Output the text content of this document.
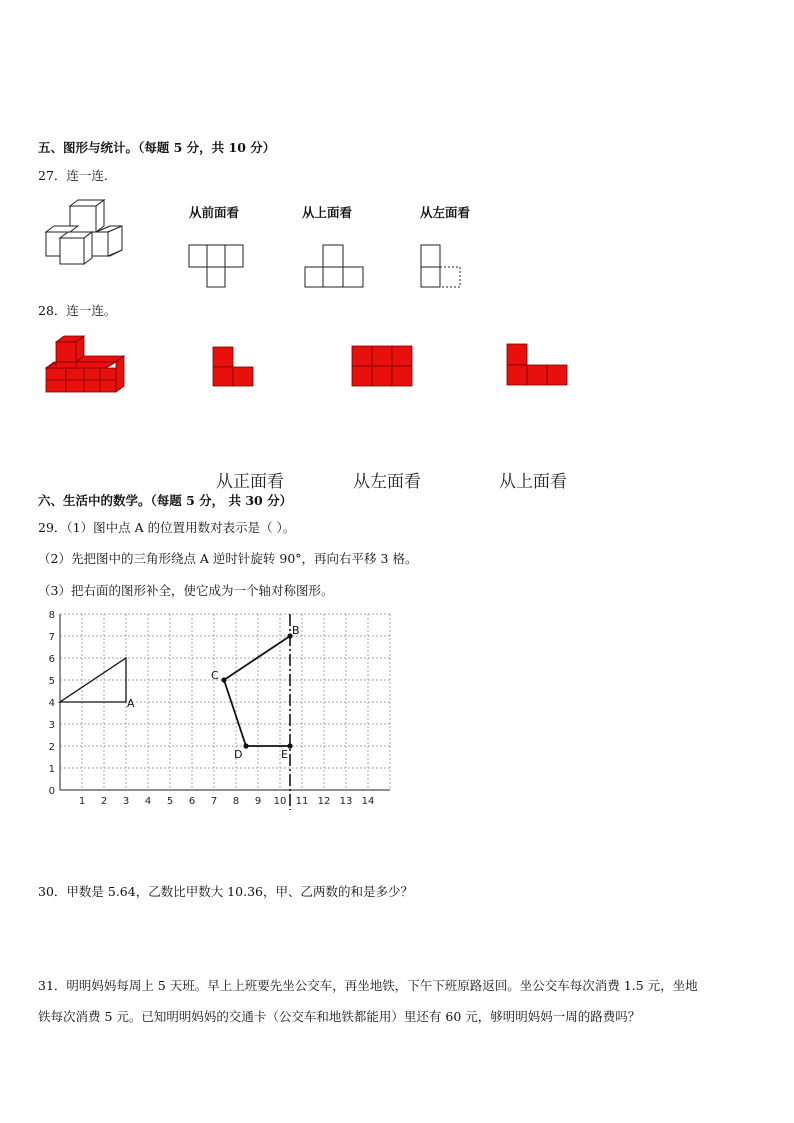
五、图形与统计。（每题 5 分，共 10 分）
27．连一连．
从前面看	从上面看	从左面看
28．连一连。
从正面看	从左面看	从上面看
六、生活中的数学。（每题 5 分， 共 30 分）
29．（1）图中点 A 的位置用数对表示是（ ）。
（2）先把图中的三角形绕点 A 逆时针旋转 90°，再向右平移 3 格。
（3）把右面的图形补全，使它成为一个轴对称图形。
1 2 3 4 5 6 7 8 9 10 11 12 13 14
0
1
2
3
4
5
6
7
8
A
B
C
D	E
30．甲数是 5.64，乙数比甲数大 10.36，甲、乙两数的和是多少？
31．明明妈妈每周上 5 天班。早上上班要先坐公交车，再坐地铁，下午下班原路返回。坐公交车每次消费 1.5 元，坐地
铁每次消费 5 元。已知明明妈妈的交通卡（公交车和地铁都能用）里还有 60 元，够明明妈妈一周的路费吗？
